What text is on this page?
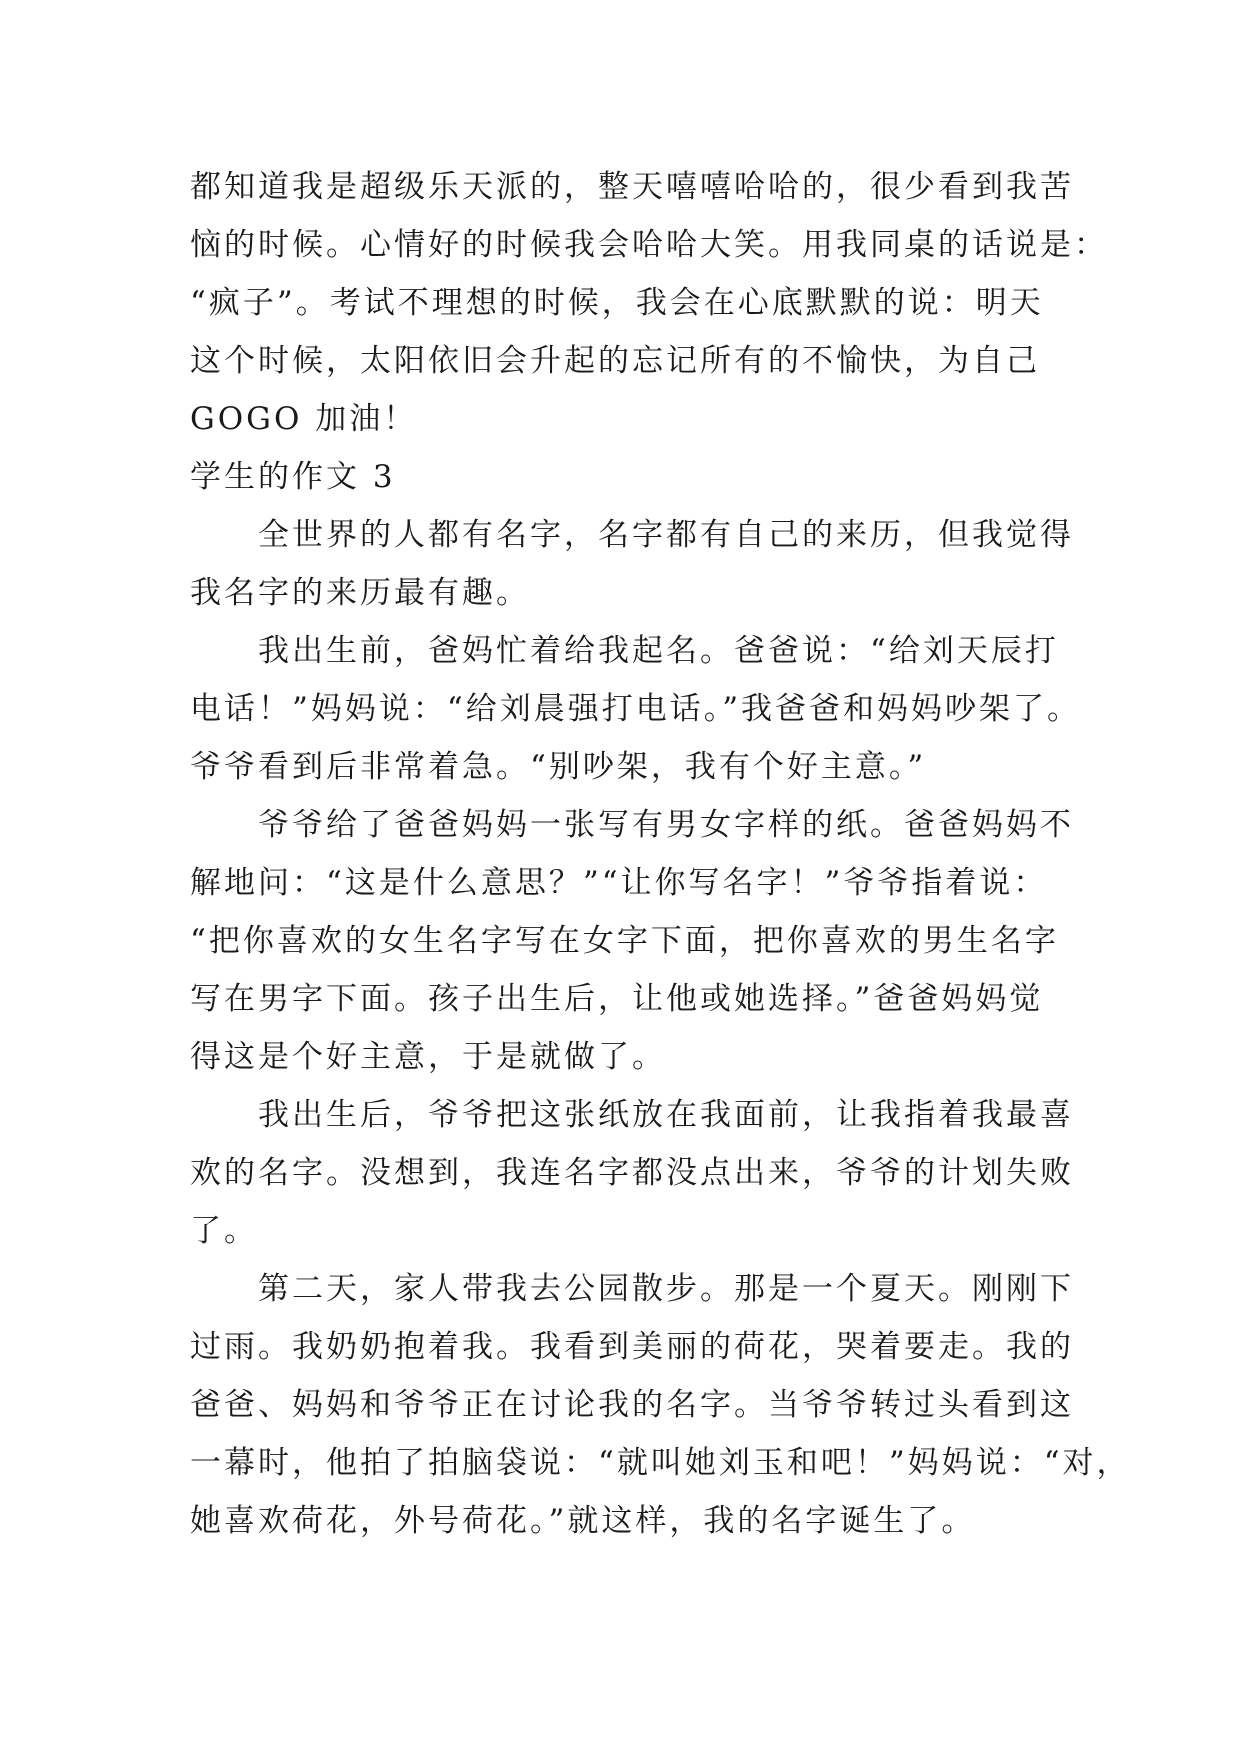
都知道我是超级乐天派的，整天嘻嘻哈哈的，很少看到我苦
恼的时候。心情好的时候我会哈哈大笑。用我同桌的话说是：
“疯子”。考试不理想的时候，我会在心底默默的说：明天
这个时候，太阳依旧会升起的忘记所有的不愉快，为自己
GOGO 加油！
学生的作文 3
全世界的人都有名字，名字都有自己的来历，但我觉得
我名字的来历最有趣。
我出生前，爸妈忙着给我起名。爸爸说：“给刘天辰打
电话！”妈妈说：“给刘晨强打电话。”我爸爸和妈妈吵架了。
爷爷看到后非常着急。“别吵架，我有个好主意。”
爷爷给了爸爸妈妈一张写有男女字样的纸。爸爸妈妈不
解地问：“这是什么意思？”“让你写名字！”爷爷指着说：
“把你喜欢的女生名字写在女字下面，把你喜欢的男生名字
写在男字下面。孩子出生后，让他或她选择。”爸爸妈妈觉
得这是个好主意，于是就做了。
我出生后，爷爷把这张纸放在我面前，让我指着我最喜
欢的名字。没想到，我连名字都没点出来，爷爷的计划失败
了。
第二天，家人带我去公园散步。那是一个夏天。刚刚下
过雨。我奶奶抱着我。我看到美丽的荷花，哭着要走。我的
爸爸、妈妈和爷爷正在讨论我的名字。当爷爷转过头看到这
一幕时，他拍了拍脑袋说：“就叫她刘玉和吧！”妈妈说：“对，
她喜欢荷花，外号荷花。”就这样，我的名字诞生了。
